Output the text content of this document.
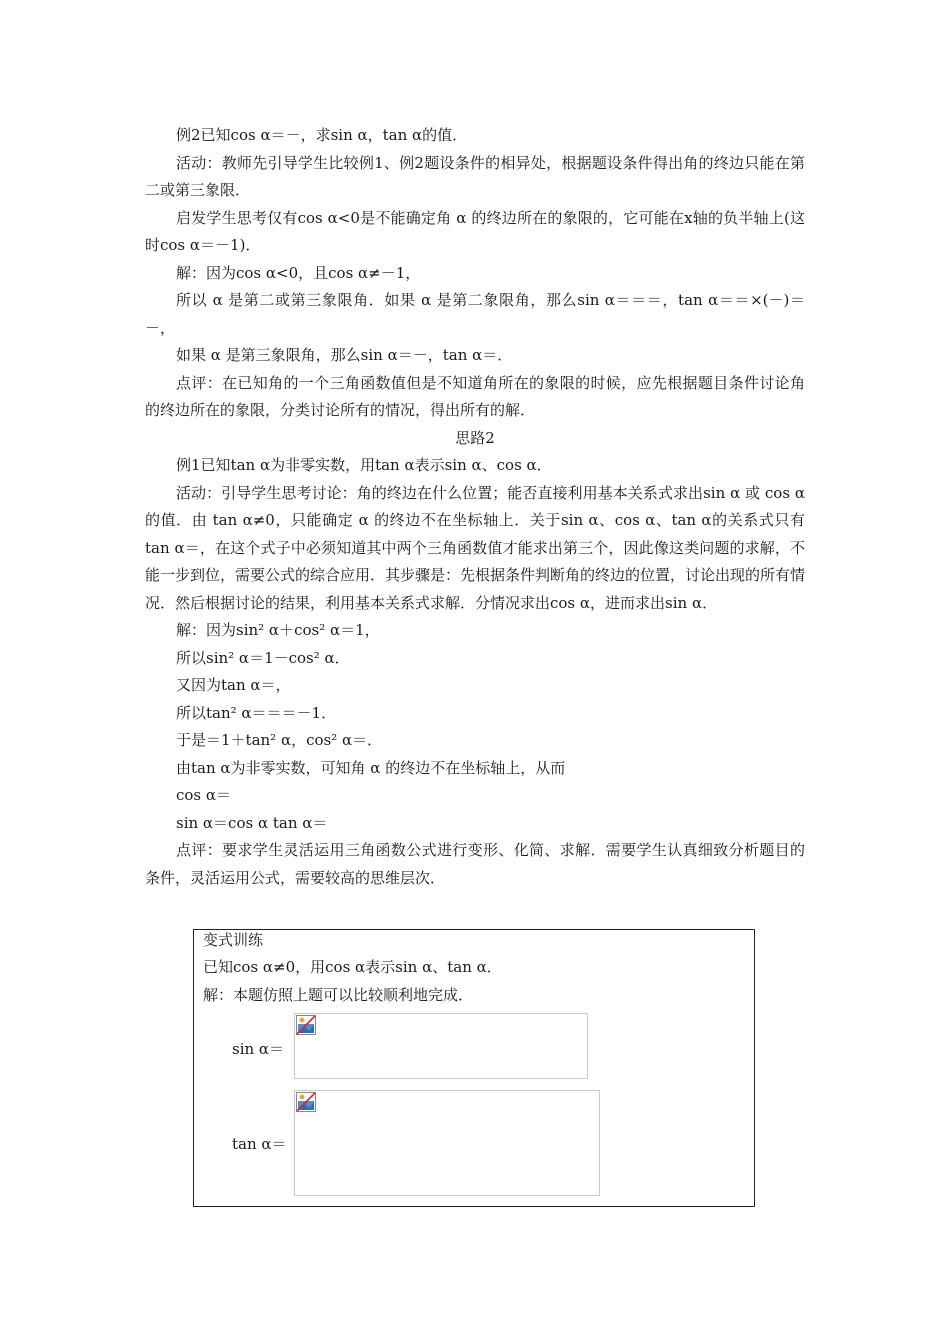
例2已知cos α＝－，求sin α，tan α的值．

活动：教师先引导学生比较例1、例2题设条件的相异处，根据题设条件得出角的终边只能在第二或第三象限．

启发学生思考仅有cos α<0是不能确定角 α 的终边所在的象限的，它可能在x轴的负半轴上(这时cos α＝－1)．

解：因为cos α<0，且cos α≠－1，

所以 α 是第二或第三象限角．如果 α 是第二象限角，那么sin α＝＝＝，tan α＝＝×(－)＝－，

如果 α 是第三象限角，那么sin α＝－，tan α＝．

点评：在已知角的一个三角函数值但是不知道角所在的象限的时候，应先根据题目条件讨论角的终边所在的象限，分类讨论所有的情况，得出所有的解．

思路2

例1已知tan α为非零实数，用tan α表示sin α、cos α．

活动：引导学生思考讨论：角的终边在什么位置；能否直接利用基本关系式求出sin α 或 cos α 的值．由 tan α≠0，只能确定 α 的终边不在坐标轴上．关于sin α、cos α、tan α的关系式只有tan α＝，在这个式子中必须知道其中两个三角函数值才能求出第三个，因此像这类问题的求解，不能一步到位，需要公式的综合应用．其步骤是：先根据条件判断角的终边的位置，讨论出现的所有情况．然后根据讨论的结果，利用基本关系式求解．分情况求出cos α，进而求出sin α．

解：因为sin² α＋cos² α＝1，

所以sin² α＝1－cos² α．

又因为tan α＝，

所以tan² α＝＝＝－1．

于是＝1＋tan² α，cos² α＝．

由tan α为非零实数，可知角 α 的终边不在坐标轴上，从而

cos α＝

sin α＝cos α tan α＝

点评：要求学生灵活运用三角函数公式进行变形、化简、求解．需要学生认真细致分析题目的条件，灵活运用公式，需要较高的思维层次．

变式训练
已知cos α≠0，用cos α表示sin α、tan α．
解：本题仿照上题可以比较顺利地完成．
sin α＝
tan α＝
